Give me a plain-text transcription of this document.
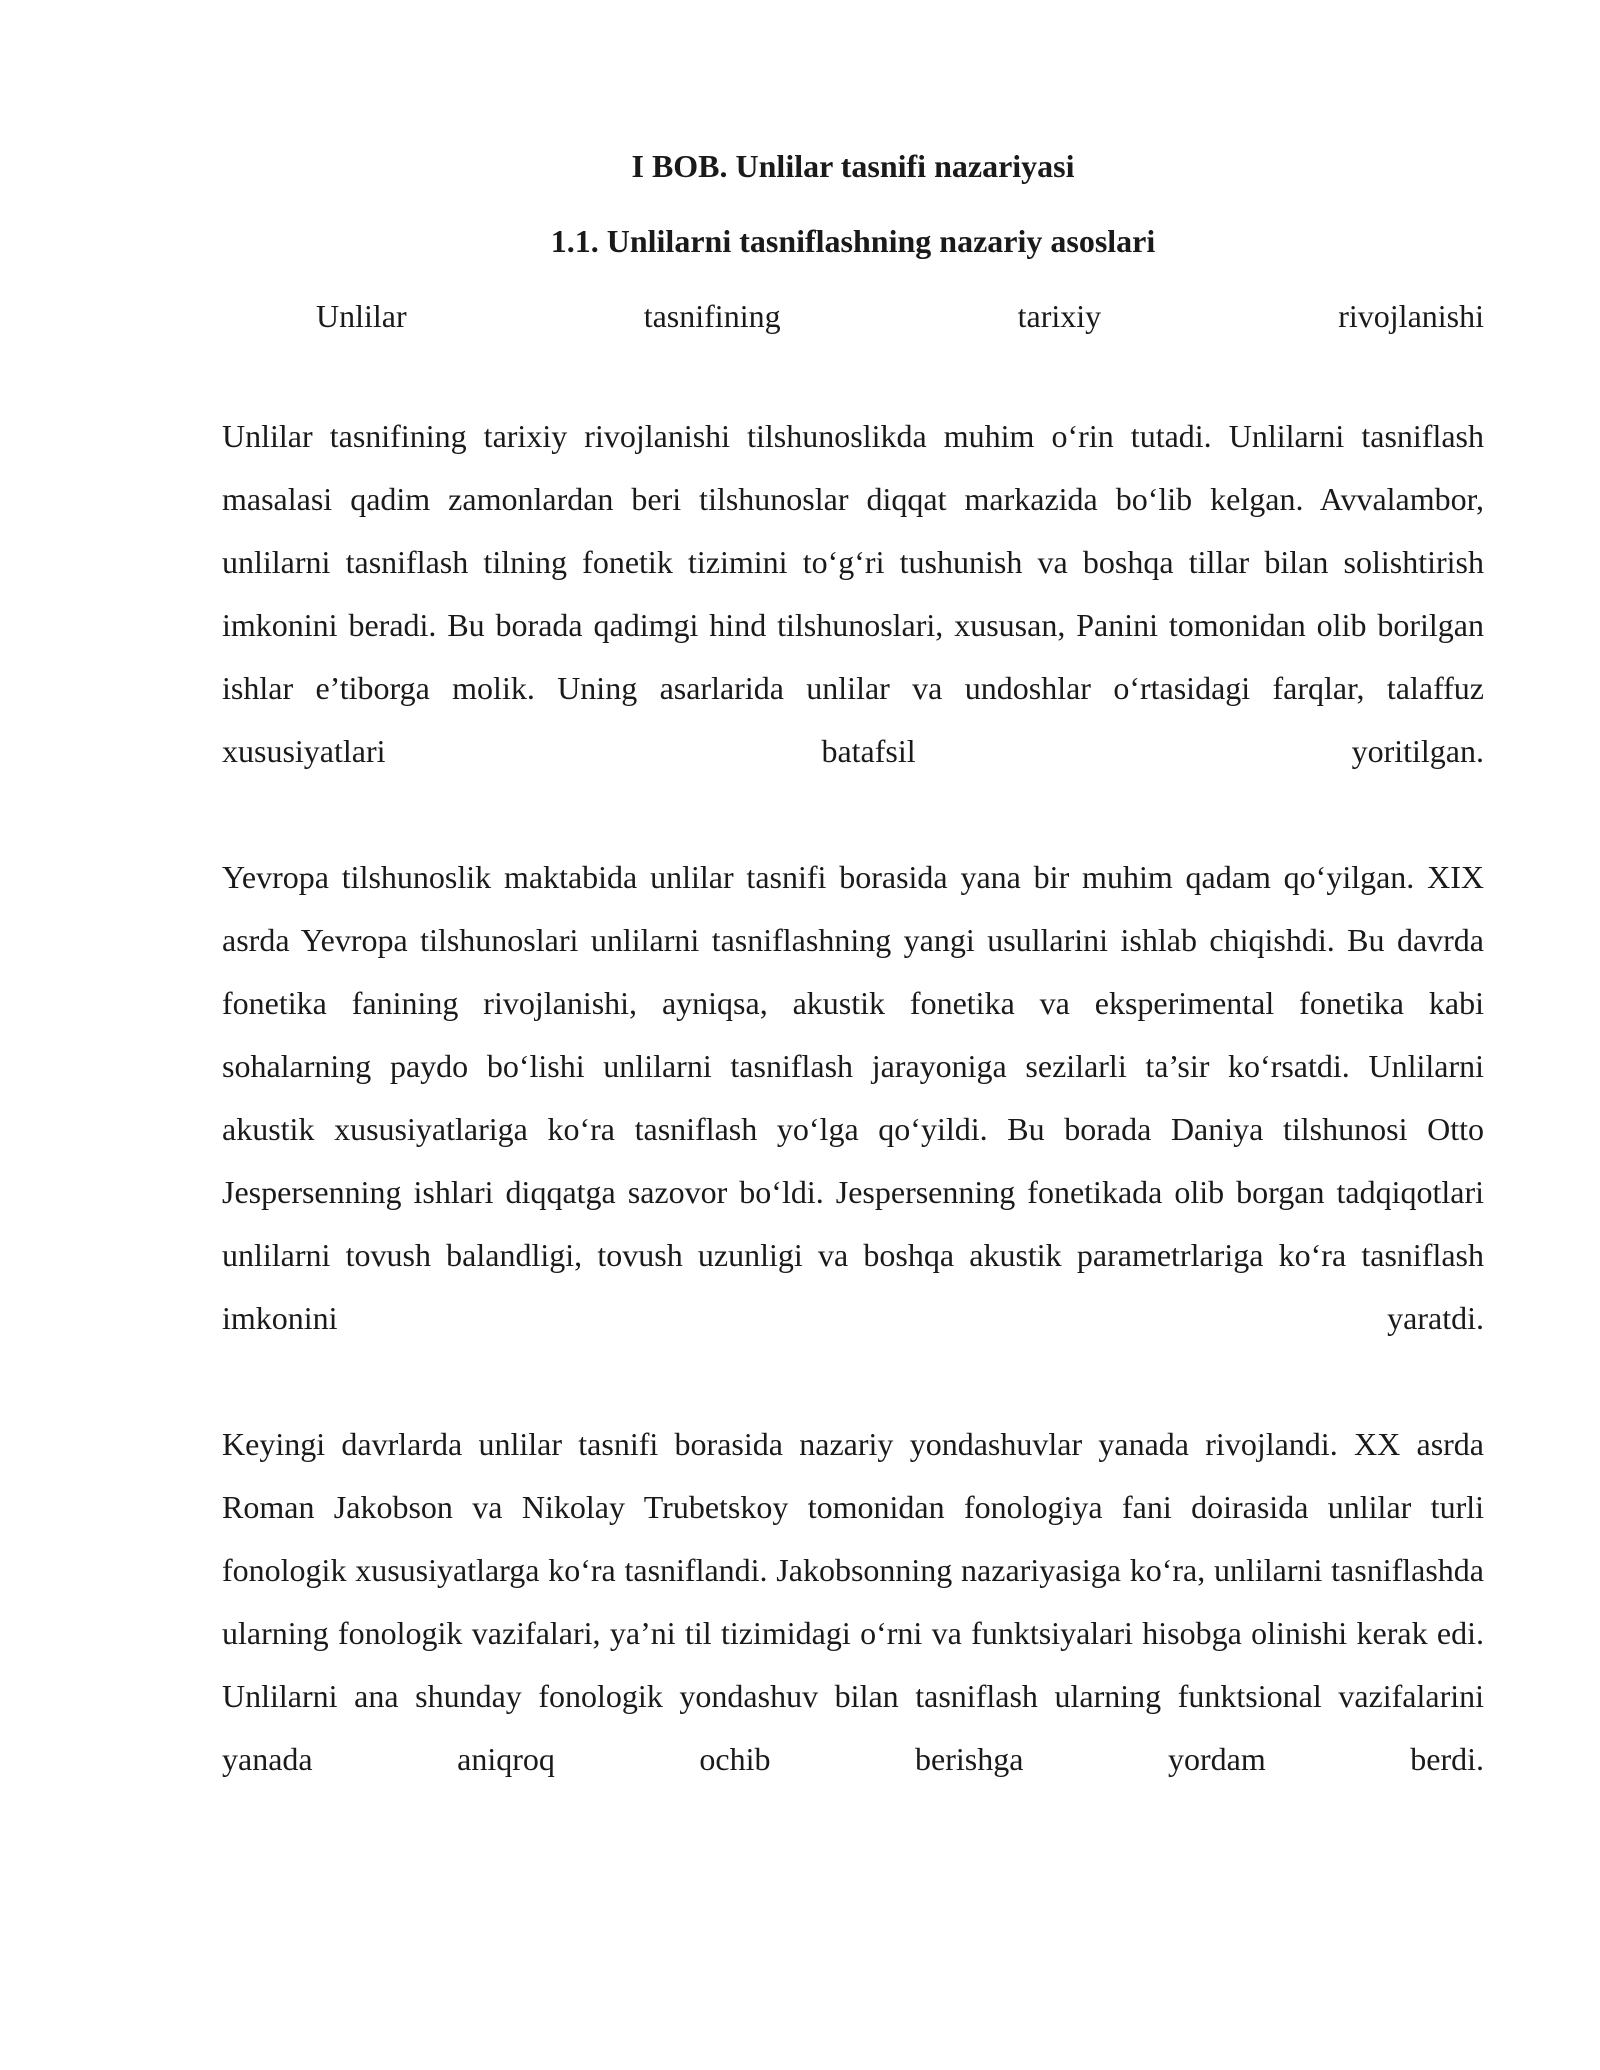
I BOB. Unlilar tasnifi nazariyasi
1.1. Unlilarni tasniflashning nazariy asoslari

Unlilar tasnifining tarixiy rivojlanishi

Unlilar tasnifining tarixiy rivojlanishi tilshunoslikda muhim o‘rin tutadi. Unlilarni tasniflash masalasi qadim zamonlardan beri tilshunoslar diqqat markazida bo‘lib kelgan. Avvalambor, unlilarni tasniflash tilning fonetik tizimini to‘g‘ri tushunish va boshqa tillar bilan solishtirish imkonini beradi. Bu borada qadimgi hind tilshunoslari, xususan, Panini tomonidan olib borilgan ishlar e’tiborga molik. Uning asarlarida unlilar va undoshlar o‘rtasidagi farqlar, talaffuz xususiyatlari batafsil yoritilgan.

Yevropa tilshunoslik maktabida unlilar tasnifi borasida yana bir muhim qadam qo‘yilgan. XIX asrda Yevropa tilshunoslari unlilarni tasniflashning yangi usullarini ishlab chiqishdi. Bu davrda fonetika fanining rivojlanishi, ayniqsa, akustik fonetika va eksperimental fonetika kabi sohalarning paydo bo‘lishi unlilarni tasniflash jarayoniga sezilarli ta’sir ko‘rsatdi. Unlilarni akustik xususiyatlariga ko‘ra tasniflash yo‘lga qo‘yildi. Bu borada Daniya tilshunosi Otto Jespersenning ishlari diqqatga sazovor bo‘ldi. Jespersenning fonetikada olib borgan tadqiqotlari unlilarni tovush balandligi, tovush uzunligi va boshqa akustik parametrlariga ko‘ra tasniflash imkonini yaratdi.

Keyingi davrlarda unlilar tasnifi borasida nazariy yondashuvlar yanada rivojlandi. XX asrda Roman Jakobson va Nikolay Trubetskoy tomonidan fonologiya fani doirasida unlilar turli fonologik xususiyatlarga ko‘ra tasniflandi. Jakobsonning nazariyasiga ko‘ra, unlilarni tasniflashda ularning fonologik vazifalari, ya’ni til tizimidagi o‘rni va funktsiyalari hisobga olinishi kerak edi. Unlilarni ana shunday fonologik yondashuv bilan tasniflash ularning funktsional vazifalarini yanada aniqroq ochib berishga yordam berdi.
